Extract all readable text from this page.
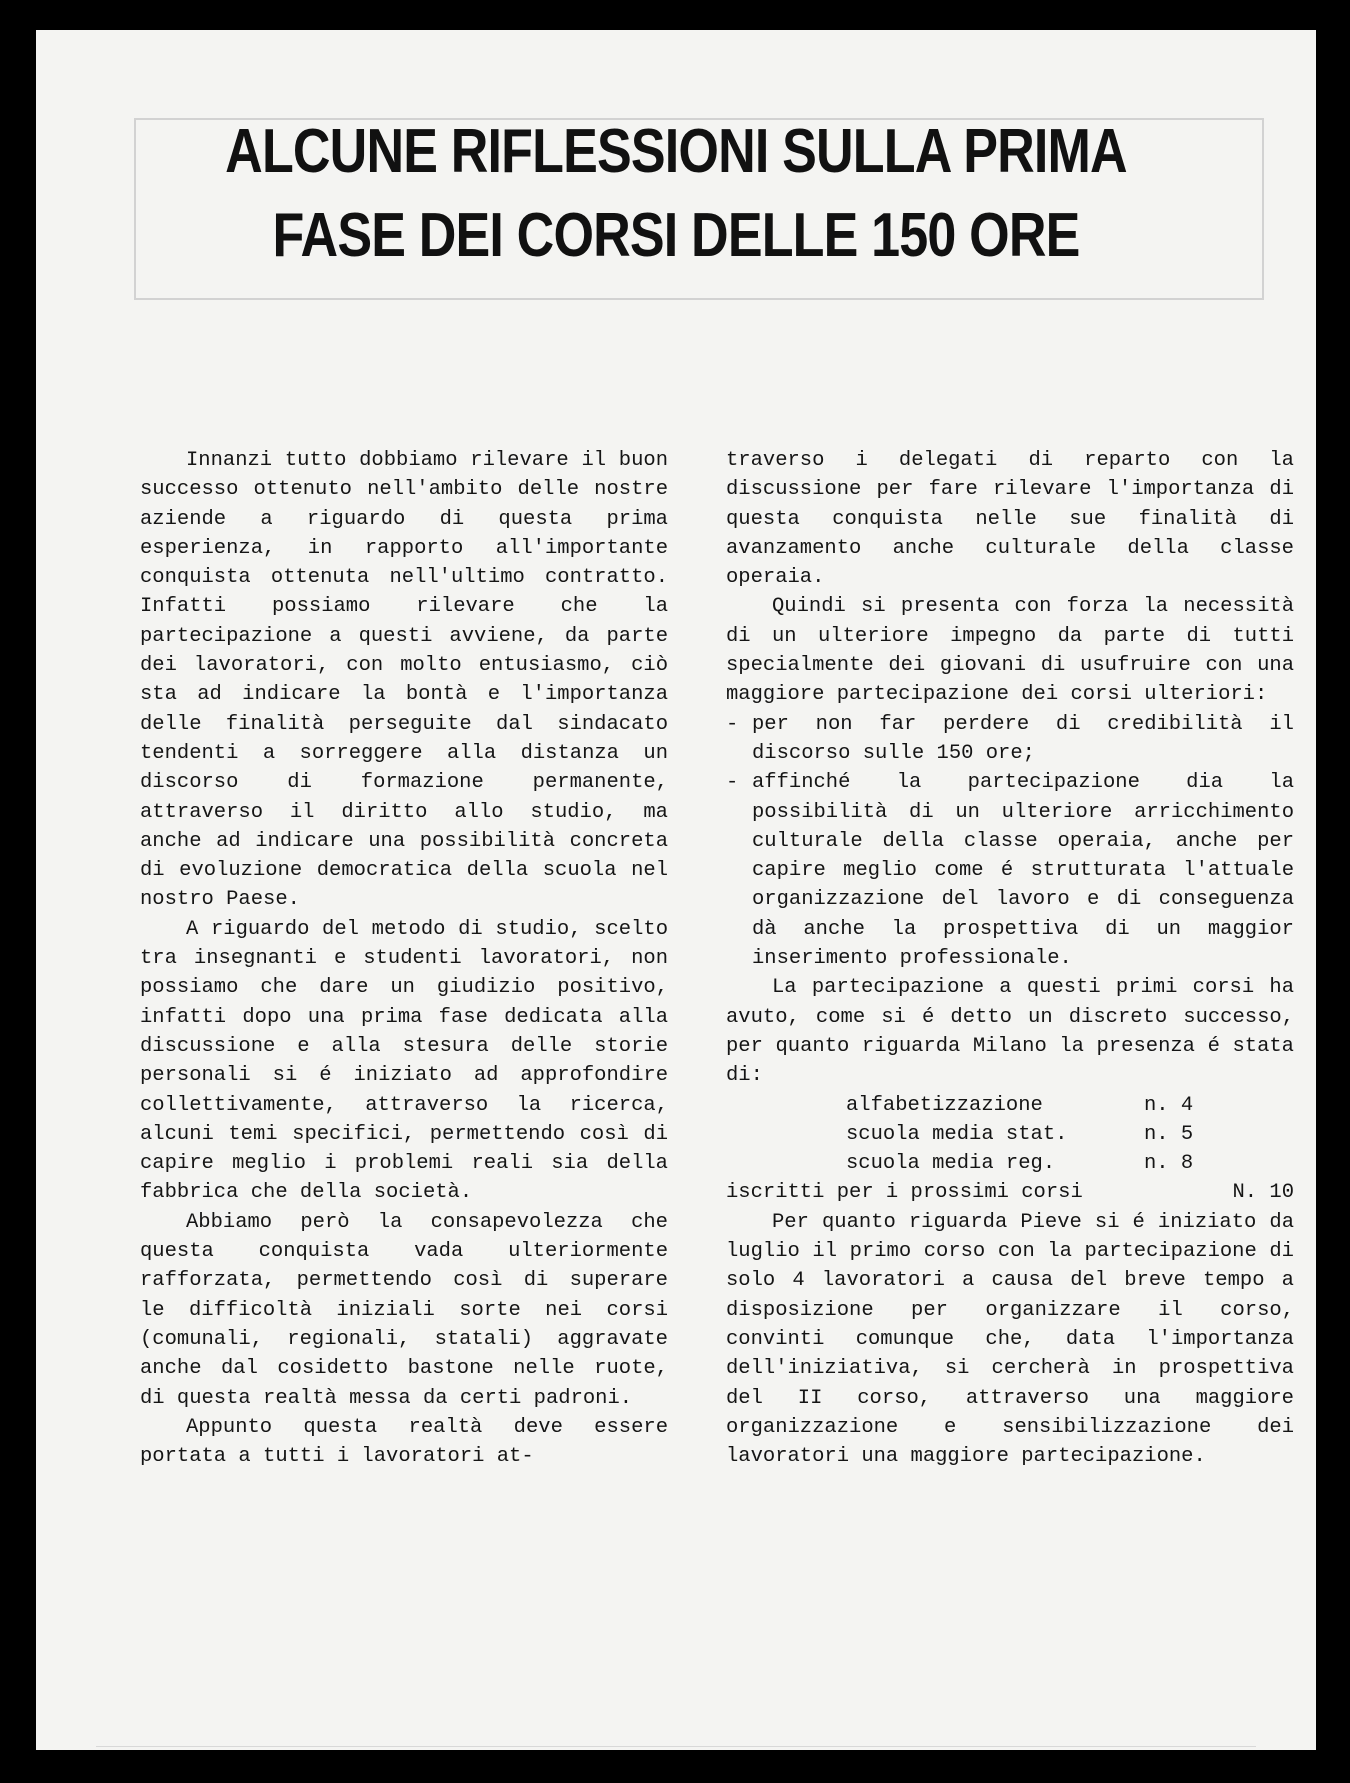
ALCUNE RIFLESSIONI SULLA PRIMA
FASE DEI CORSI DELLE 150 ORE

Innanzi tutto dobbiamo rilevare il buon successo ottenuto nell'ambito delle nostre aziende a riguardo di questa prima esperienza, in rapporto all'importante conquista ottenuta nell'ultimo contratto. Infatti possiamo rilevare che la partecipazione a questi avviene, da parte dei lavoratori, con molto entusiasmo, ciò sta ad indicare la bontà e l'importanza delle finalità perseguite dal sindacato tendenti a sorreggere alla distanza un discorso di formazione permanente, attraverso il diritto allo studio, ma anche ad indicare una possibilità concreta di evoluzione democratica della scuola nel nostro Paese.

A riguardo del metodo di studio, scelto tra insegnanti e studenti lavoratori, non possiamo che dare un giudizio positivo, infatti dopo una prima fase dedicata alla discussione e alla stesura delle storie personali si é iniziato ad approfondire collettivamente, attraverso la ricerca, alcuni temi specifici, permettendo così di capire meglio i problemi reali sia della fabbrica che della società.

Abbiamo però la consapevolezza che questa conquista vada ulteriormente rafforzata, permettendo così di superare le difficoltà iniziali sorte nei corsi (comunali, regionali, statali) aggravate anche dal cosidetto bastone nelle ruote, di questa realtà messa da certi padroni.

Appunto questa realtà deve essere portata a tutti i lavoratori at-

traverso i delegati di reparto con la discussione per fare rilevare l'importanza di questa conquista nelle sue finalità di avanzamento anche culturale della classe operaia.

Quindi si presenta con forza la necessità di un ulteriore impegno da parte di tutti specialmente dei giovani di usufruire con una maggiore partecipazione dei corsi ulteriori:

- per non far perdere di credibilità il discorso sulle 150 ore;
- affinché la partecipazione dia la possibilità di un ulteriore arricchimento culturale della classe operaia, anche per capire meglio come é strutturata l'attuale organizzazione del lavoro e di conseguenza dà anche la prospettiva di un maggior inserimento professionale.

La partecipazione a questi primi corsi ha avuto, come si é detto un discreto successo, per quanto riguarda Milano la presenza é stata di:

alfabetizzazione	n. 4
scuola media stat.	n. 5
scuola media reg.	n. 8
iscritti per i prossimi corsi	N. 10

Per quanto riguarda Pieve si é iniziato da luglio il primo corso con la partecipazione di solo 4 lavoratori a causa del breve tempo a disposizione per organizzare il corso, convinti comunque che, data l'importanza dell'iniziativa, si cercherà in prospettiva del II corso, attraverso una maggiore organizzazione e sensibilizzazione dei lavoratori una maggiore partecipazione.
